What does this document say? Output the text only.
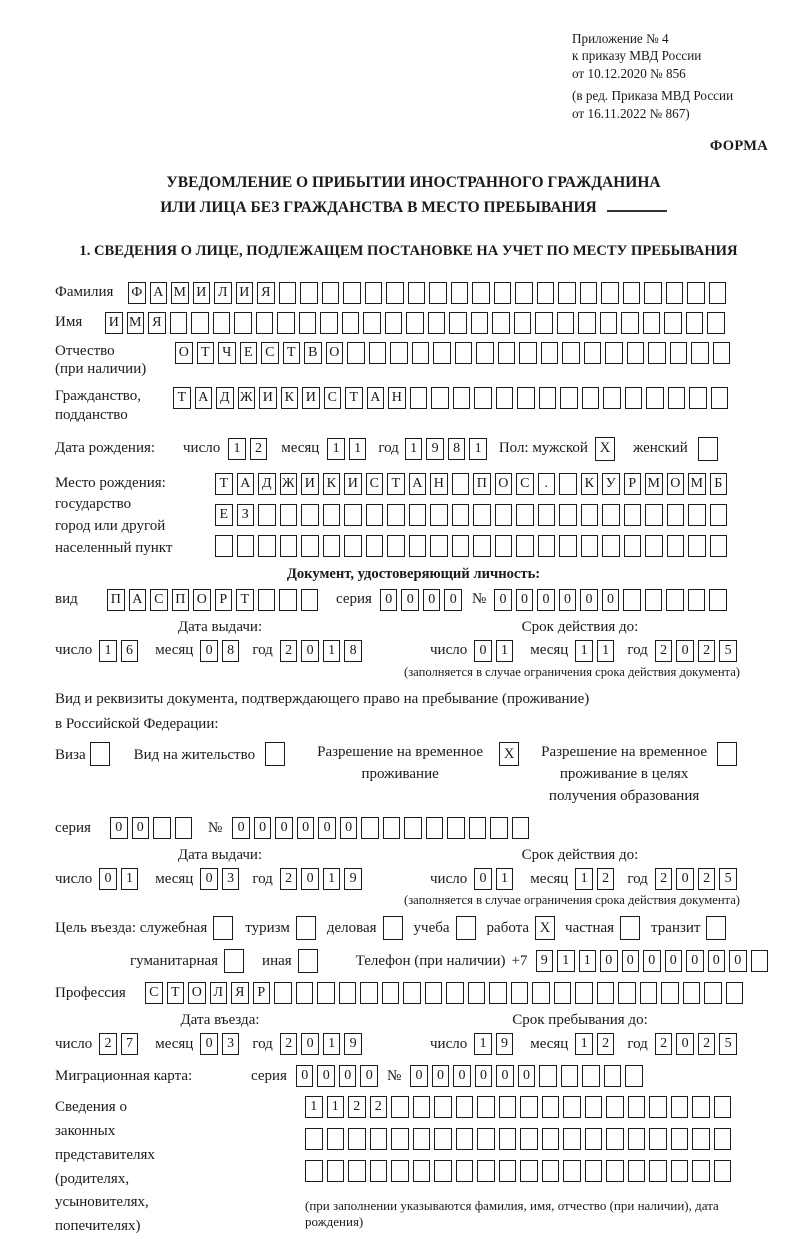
Приложение № 4
к приказу МВД России
от 10.12.2020 № 856
(в ред. Приказа МВД России
от 16.11.2022 № 867)
ФОРМА
УВЕДОМЛЕНИЕ О ПРИБЫТИИ ИНОСТРАННОГО ГРАЖДАНИНА
ИЛИ ЛИЦА БЕЗ ГРАЖДАНСТВА В МЕСТО ПРЕБЫВАНИЯ
1. СВЕДЕНИЯ О ЛИЦЕ, ПОДЛЕЖАЩЕМ ПОСТАНОВКЕ НА УЧЕТ ПО МЕСТУ ПРЕБЫВАНИЯ
Фамилия	Ф А М И Л И Я
Имя	И М Я
Отчество
(при наличии)
О Т Ч Е С Т В О
Гражданство,
подданство
Т А Д Ж И К И С Т А Н
Дата рождения:	число 1	2	месяц 1	1	год 1	9	8	1	Пол: мужской X	женский
Место рождения:
государство
город или другой
населенный пункт
Т А Д Ж И К И С Т А Н П О С	.	К У Р М О М Б
Е З
Документ, удостоверяющий личность:
вид	П А С П О Р Т	серия 0	0	0	0	№ 0	0	0	0	0	0
Дата выдачи:
число 1	6	месяц 0	8	год 2	0	1	8
Срок действия до:
число 0	1	месяц 1	1	год 2	0	2	5
(заполняется в случае ограничения срока действия документа)
Вид и реквизиты документа, подтверждающего право на пребывание (проживание)
в Российской Федерации:
Виза	Вид на жительство	Разрешение на временное
проживание
X	Разрешение на временное
проживание в целях
получения образования
серия	0	0	№	0	0	0	0	0	0
Дата выдачи:
число 0	1	месяц 0	3	год 2	0	1	9
Срок действия до:
число 0	1	месяц 1	2	год 2	0	2	5
(заполняется в случае ограничения срока действия документа)
Цель въезда: служебная	туризм деловая учеба работа X частная транзит
гуманитарная	иная	Телефон (при наличии) +7 9	1	1	0	0	0	0	0	0	0
Профессия	С Т О Л Я Р
Дата въезда:
число 2	7	месяц 0	3	год 2	0	1	9
Срок пребывания до:
число 1	9	месяц 1	2	год 2	0	2	5
Миграционная карта:	серия	0	0	0	0 №	0	0	0	0	0	0
Сведения о
законных
представителях
(родителях,
усыновителях,
попечителях)
1	1	2	2
(при заполнении указываются фамилия, имя, отчество (при наличии), дата рождения)
